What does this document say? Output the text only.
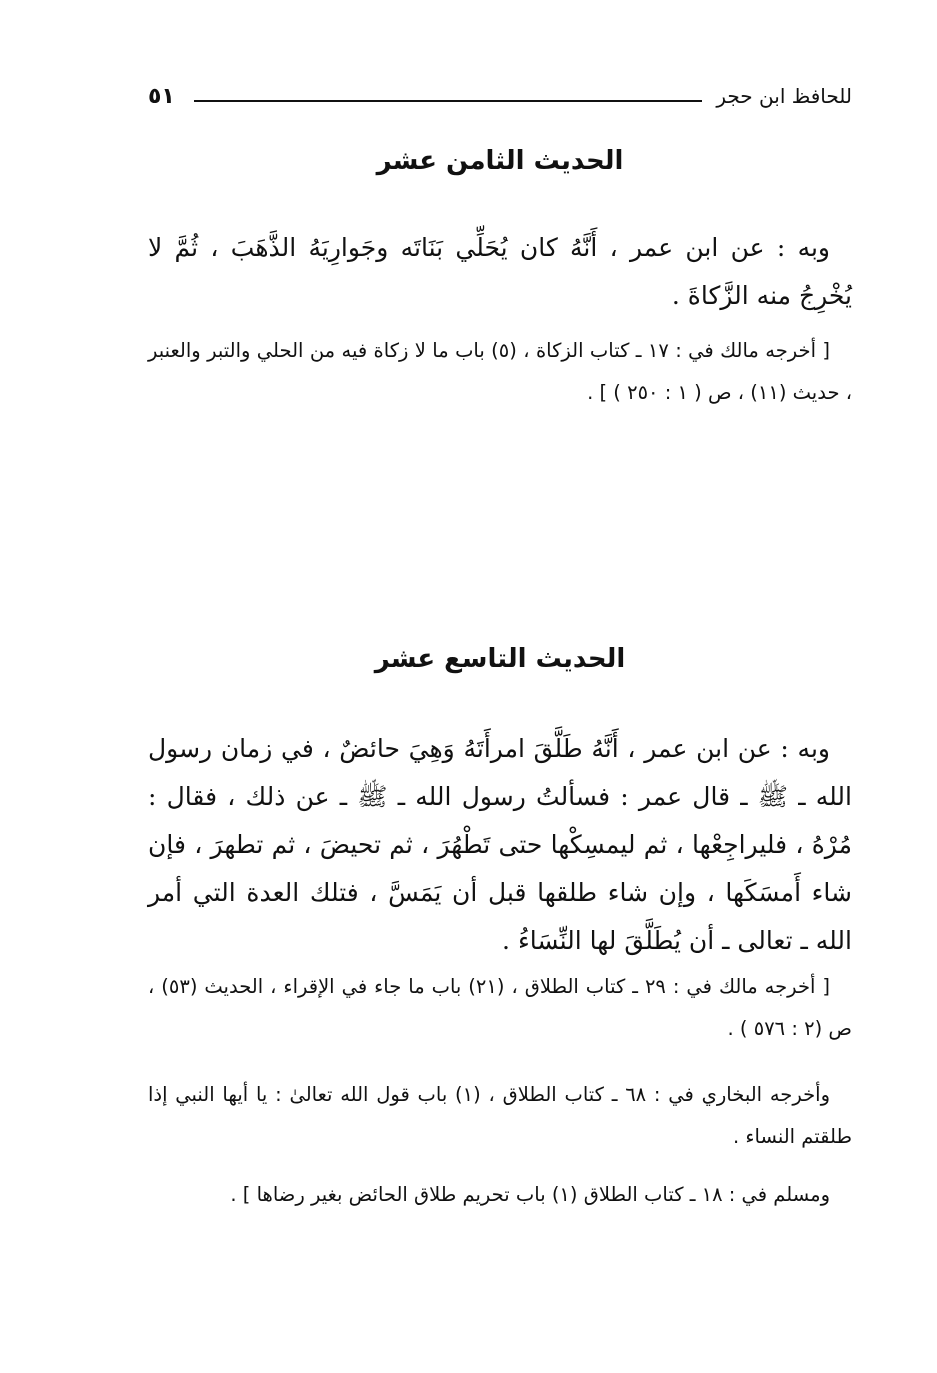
للحافظ ابن حجر
٥١
الحديث الثامن عشر
وبه : عن ابن عمر ، أَنَّهُ كان يُحَلِّي بَنَاتَه وجَوارِيَهُ الذَّهَبَ ، ثُمَّ لا يُخْرِجُ منه الزَّكاةَ .
[ أخرجه مالك في : ١٧ ـ كتاب الزكاة ، (٥) باب ما لا زكاة فيه من الحلي والتبر والعنبر ، حديث (١١) ، ص ( ١ : ٢٥٠ ) ] .
الحديث التاسع عشر
وبه : عن ابن عمر ، أَنَّهُ طَلَّقَ امرأَتَهُ وَهِيَ حائضٌ ، في زمان رسول الله ـ ﷺ ـ قال عمر : فسألتُ رسول الله ـ ﷺ ـ عن ذلك ، فقال : مُرْهُ ، فليراجِعْها ، ثم ليمسِكْها حتى تَطْهُرَ ، ثم تحيضَ ، ثم تطهرَ ، فإن شاء أَمسَكَها ، وإن شاء طلقها قبل أن يَمَسَّ ، فتلك العدة التي أمر الله ـ تعالى ـ أن يُطَلَّقَ لها النِّسَاءُ .
[ أخرجه مالك في : ٢٩ ـ كتاب الطلاق ، (٢١) باب ما جاء في الإقراء ، الحديث (٥٣) ، ص (٢ : ٥٧٦ ) .
وأخرجه البخاري في : ٦٨ ـ كتاب الطلاق ، (١) باب قول الله تعالىٰ : يا أيها النبي إذا طلقتم النساء .
ومسلم في : ١٨ ـ كتاب الطلاق (١) باب تحريم طلاق الحائض بغير رضاها ] .
